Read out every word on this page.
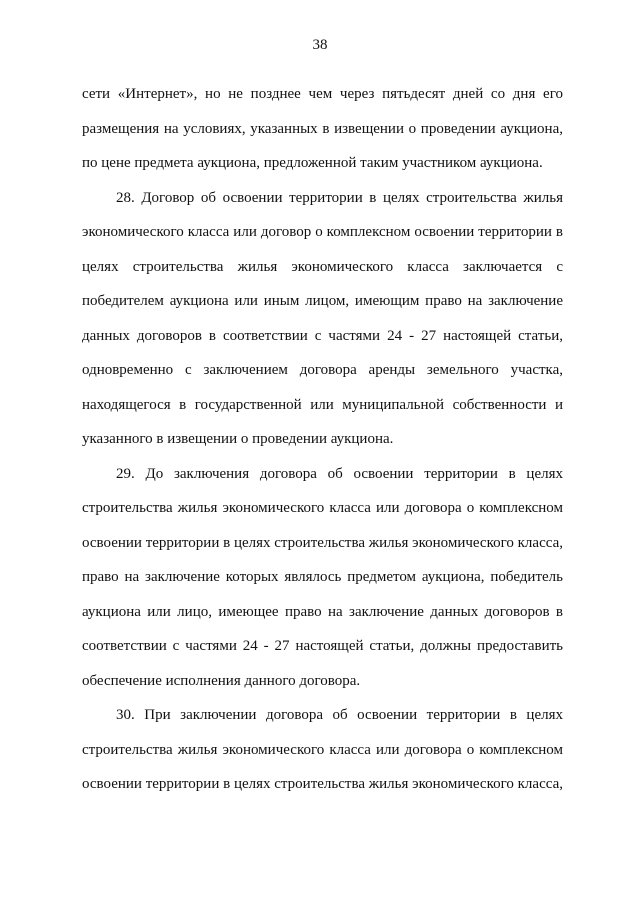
38

сети «Интернет», но не позднее чем через пятьдесят дней со дня его
размещения на условиях, указанных в извещении о проведении аукциона,
по цене предмета аукциона, предложенной таким участником аукциона.

28. Договор об освоении территории в целях строительства жилья
экономического класса или договор о комплексном освоении территории в
целях строительства жилья экономического класса заключается с
победителем аукциона или иным лицом, имеющим право на заключение
данных договоров в соответствии с частями 24 - 27 настоящей статьи,
одновременно с заключением договора аренды земельного участка,
находящегося в государственной или муниципальной собственности и
указанного в извещении о проведении аукциона.

29. До заключения договора об освоении территории в целях
строительства жилья экономического класса или договора о комплексном
освоении территории в целях строительства жилья экономического класса,
право на заключение которых являлось предметом аукциона, победитель
аукциона или лицо, имеющее право на заключение данных договоров в
соответствии с частями 24 - 27 настоящей статьи, должны предоставить
обеспечение исполнения данного договора.

30. При заключении договора об освоении территории в целях
строительства жилья экономического класса или договора о комплексном
освоении территории в целях строительства жилья экономического класса,
